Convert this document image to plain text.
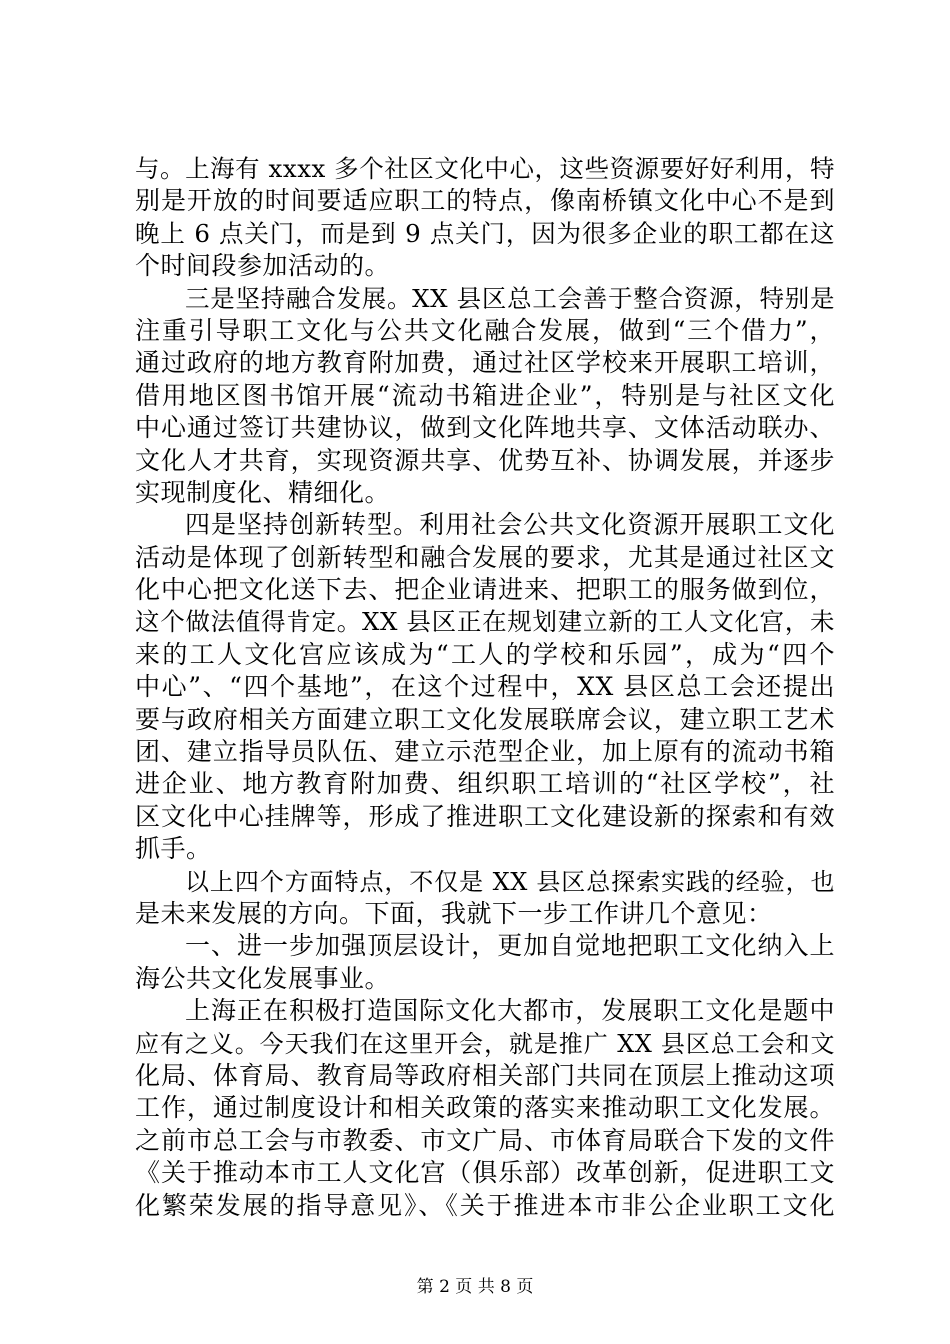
与。上海有 xxxx 多个社区文化中心，这些资源要好好利用，特
别是开放的时间要适应职工的特点，像南桥镇文化中心不是到
晚上 6 点关门，而是到 9 点关门，因为很多企业的职工都在这
个时间段参加活动的。
三是坚持融合发展。XX 县区总工会善于整合资源，特别是
注重引导职工文化与公共文化融合发展，做到“三个借力”，
通过政府的地方教育附加费，通过社区学校来开展职工培训，
借用地区图书馆开展“流动书箱进企业”，特别是与社区文化
中心通过签订共建协议，做到文化阵地共享、文体活动联办、
文化人才共育，实现资源共享、优势互补、协调发展，并逐步
实现制度化、精细化。
四是坚持创新转型。利用社会公共文化资源开展职工文化
活动是体现了创新转型和融合发展的要求，尤其是通过社区文
化中心把文化送下去、把企业请进来、把职工的服务做到位，
这个做法值得肯定。XX 县区正在规划建立新的工人文化宫，未
来的工人文化宫应该成为“工人的学校和乐园”，成为“四个
中心”、“四个基地”，在这个过程中，XX 县区总工会还提出
要与政府相关方面建立职工文化发展联席会议，建立职工艺术
团、建立指导员队伍、建立示范型企业，加上原有的流动书箱
进企业、地方教育附加费、组织职工培训的“社区学校”，社
区文化中心挂牌等，形成了推进职工文化建设新的探索和有效
抓手。
以上四个方面特点，不仅是 XX 县区总探索实践的经验，也
是未来发展的方向。下面，我就下一步工作讲几个意见：
一、进一步加强顶层设计，更加自觉地把职工文化纳入上
海公共文化发展事业。
上海正在积极打造国际文化大都市，发展职工文化是题中
应有之义。今天我们在这里开会，就是推广 XX 县区总工会和文
化局、体育局、教育局等政府相关部门共同在顶层上推动这项
工作，通过制度设计和相关政策的落实来推动职工文化发展。
之前市总工会与市教委、市文广局、市体育局联合下发的文件
《关于推动本市工人文化宫（俱乐部）改革创新，促进职工文
化繁荣发展的指导意见》、《关于推进本市非公企业职工文化
第 2 页 共 8 页
